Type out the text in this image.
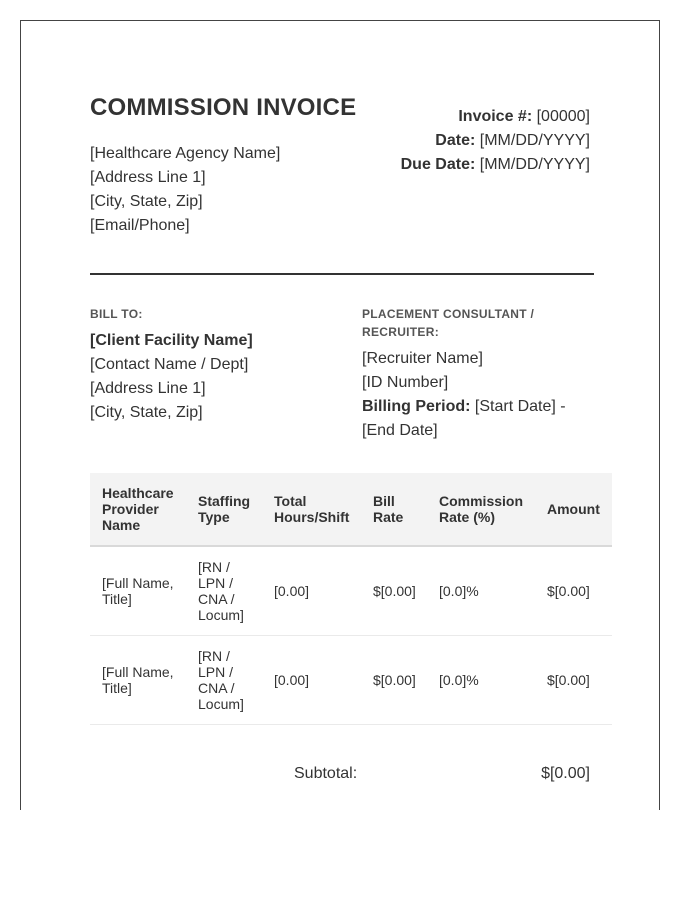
COMMISSION INVOICE
[Healthcare Agency Name]
[Address Line 1]
[City, State, Zip]
[Email/Phone]
Invoice #: [00000]
Date: [MM/DD/YYYY]
Due Date: [MM/DD/YYYY]
BILL TO:
[Client Facility Name]
[Contact Name / Dept]
[Address Line 1]
[City, State, Zip]
PLACEMENT CONSULTANT / RECRUITER:
[Recruiter Name]
[ID Number]
Billing Period: [Start Date] - [End Date]
Healthcare Provider Name	Staffing Type	Total Hours/Shift	Bill Rate	Commission Rate (%)	Amount
[Full Name, Title]	[RN / LPN / CNA / Locum]	[0.00]	$[0.00]	[0.0]%	$[0.00]
[Full Name, Title]	[RN / LPN / CNA / Locum]	[0.00]	$[0.00]	[0.0]%	$[0.00]
Subtotal:	$[0.00]
